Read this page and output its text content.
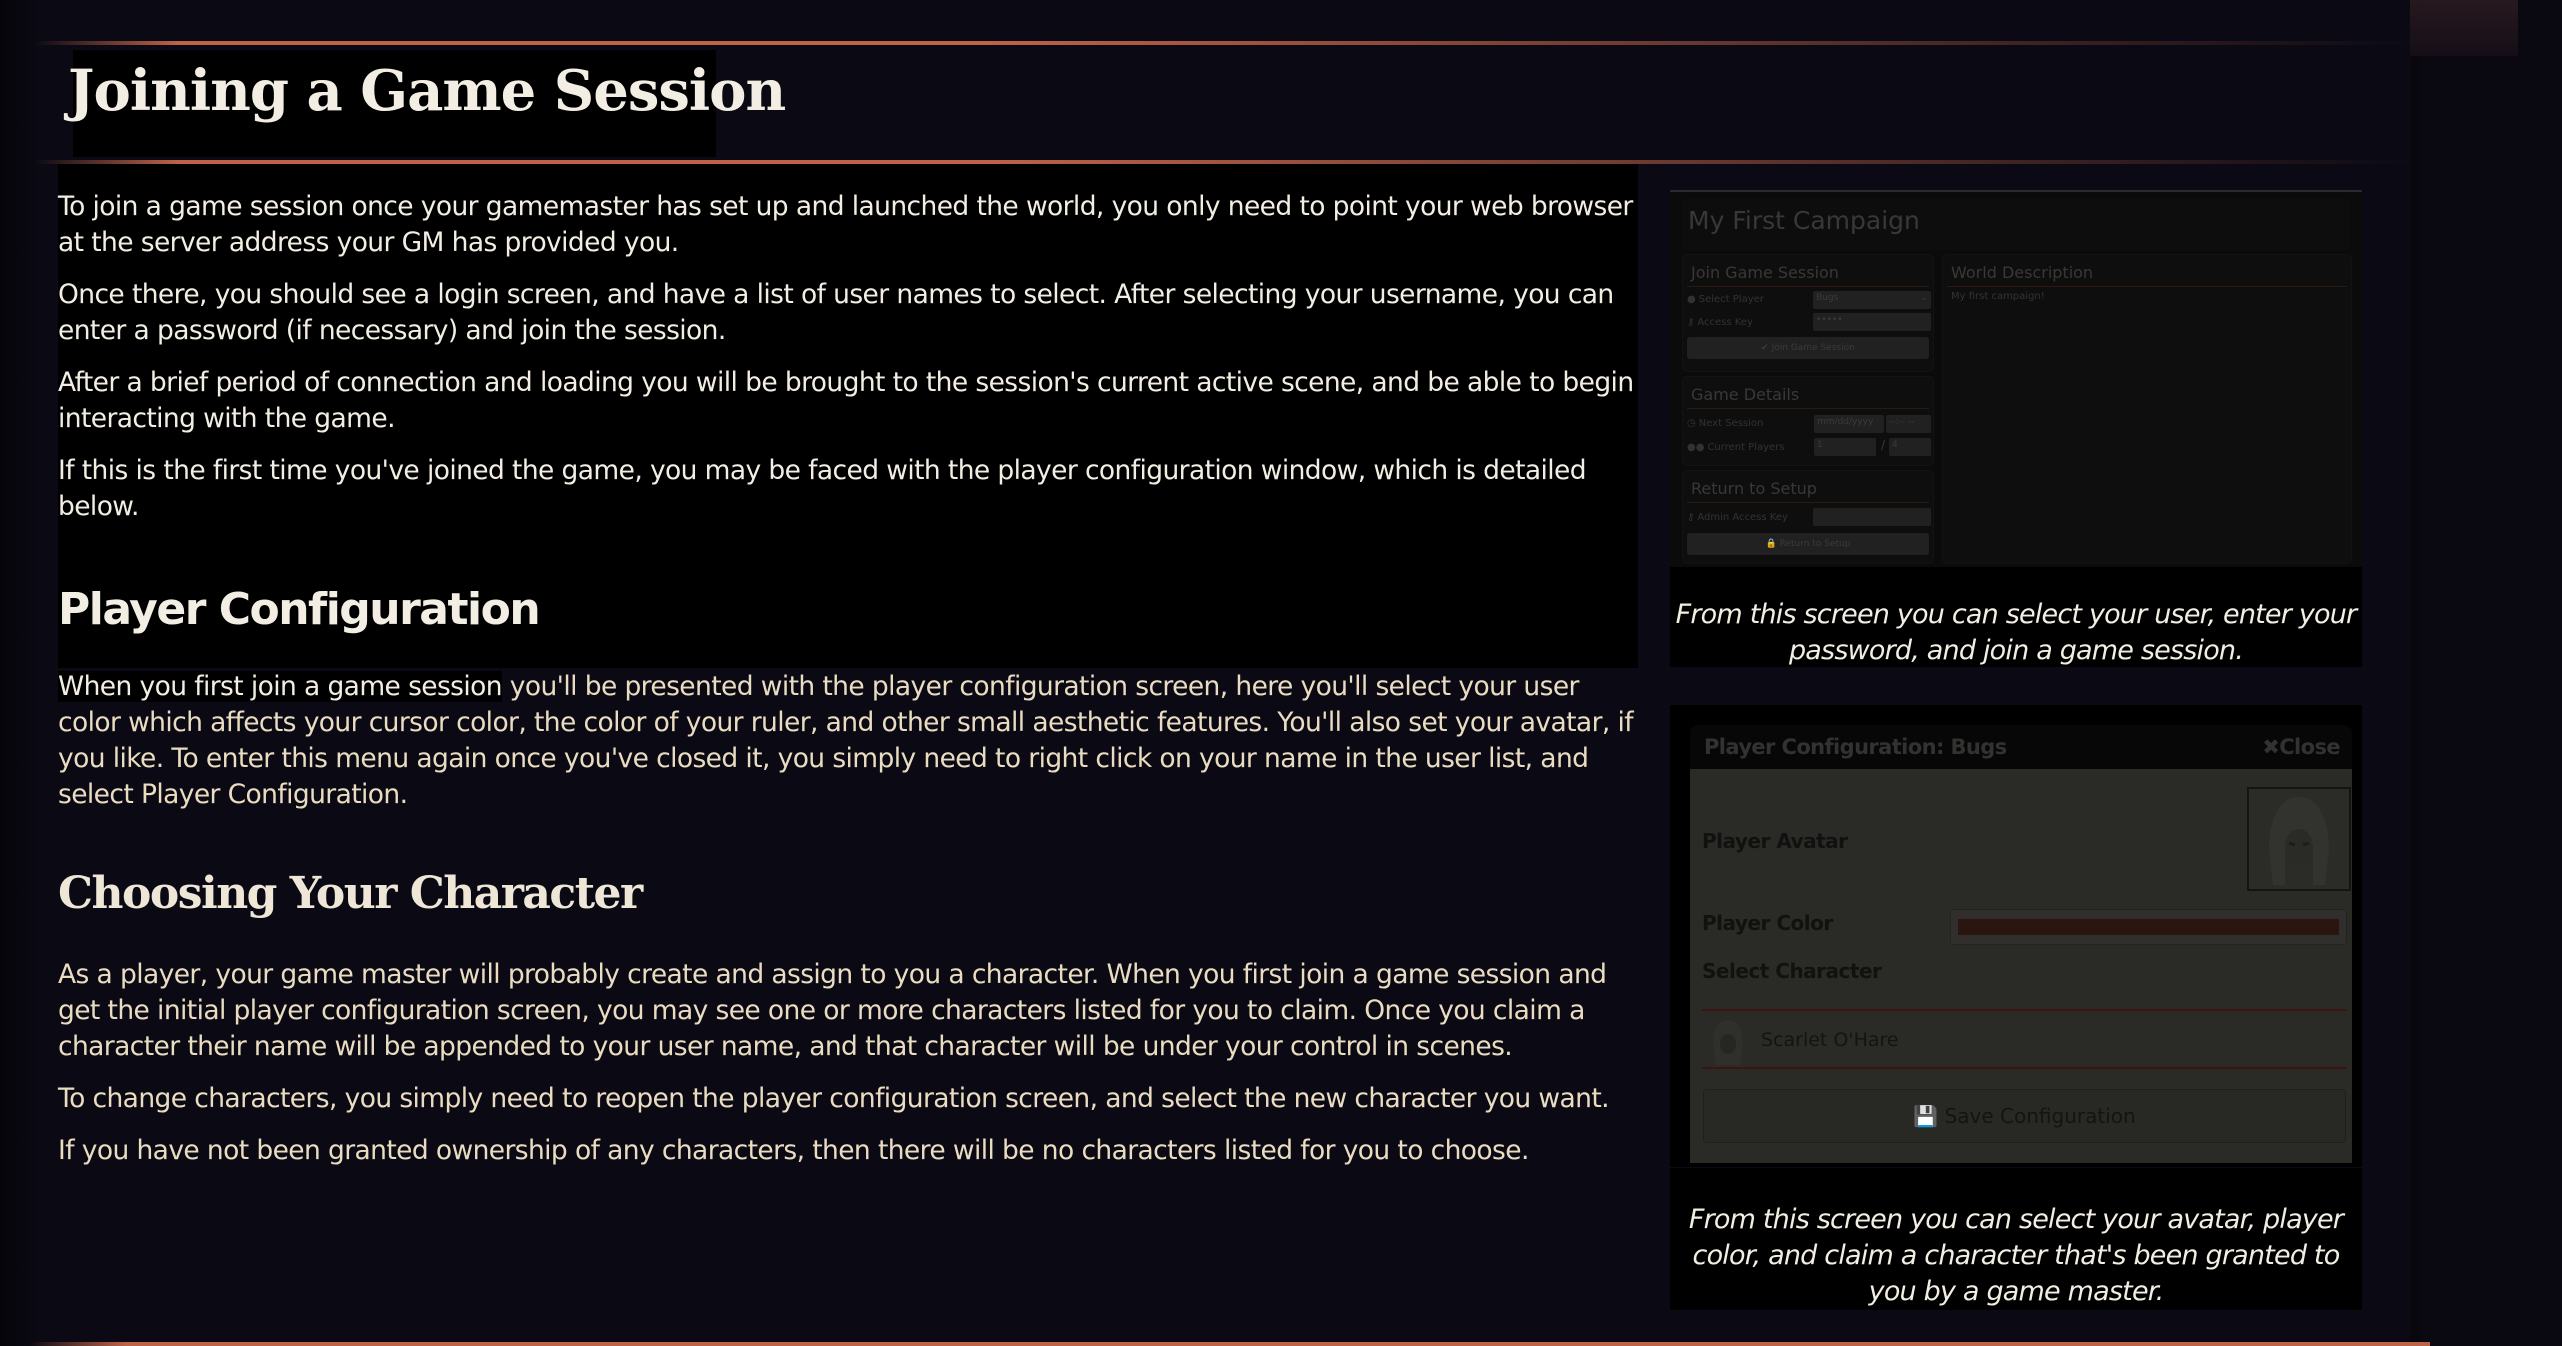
Joining a Game Session

To join a game session once your gamemaster has set up and launched the world, you only need to point your web browser at the server address your GM has provided you.

Once there, you should see a login screen, and have a list of user names to select. After selecting your username, you can enter a password (if necessary) and join the session.

After a brief period of connection and loading you will be brought to the session's current active scene, and be able to begin interacting with the game.

If this is the first time you've joined the game, you may be faced with the player configuration window, which is detailed below.

Player Configuration

When you first join a game session you'll be presented with the player configuration screen, here you'll select your user color which affects your cursor color, the color of your ruler, and other small aesthetic features. You'll also set your avatar, if you like. To enter this menu again once you've closed it, you simply need to right click on your name in the user list, and select Player Configuration.

Choosing Your Character

As a player, your game master will probably create and assign to you a character. When you first join a game session and get the initial player configuration screen, you may see one or more characters listed for you to claim. Once you claim a character their name will be appended to your user name, and that character will be under your control in scenes.

To change characters, you simply need to reopen the player configuration screen, and select the new character you want.

If you have not been granted ownership of any characters, then there will be no characters listed for you to choose.

My First Campaign
Join Game Session
● Select Player	Bugs	⌄
⚷ Access Key	•••••
✔ Join Game Session
Game Details
◷ Next Session	mm/dd/yyyy	--:-- --
●● Current Players	1	/ 4
Return to Setup
⚷ Admin Access Key
🔒 Return to Setup
World Description
My first campaign!
From this screen you can select your user, enter your password, and join a game session.
Player Configuration: Bugs	✖Close
Player Avatar
Player Color
Select Character
Scarlet O'Hare
💾 Save Configuration
From this screen you can select your avatar, player color, and claim a character that's been granted to you by a game master.
